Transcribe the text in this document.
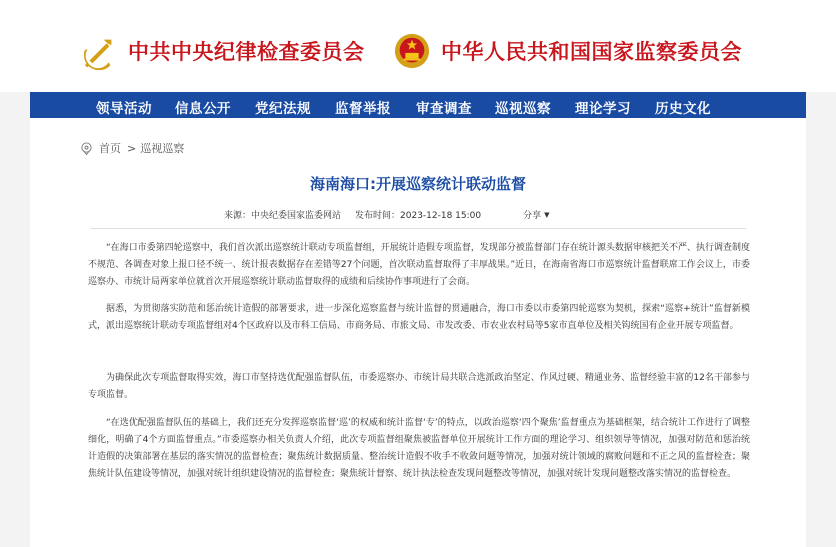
中共中央纪律检查委员会	中华人民共和国国家监察委员会
领导活动 信息公开 党纪法规 监督举报 审查调查 巡视巡察 理论学习 历史文化
首页 > 巡视巡察
海南海口:开展巡察统计联动监督
来源：中央纪委国家监委网站 发布时间：2023-12-18 15:00	分享 ▼

“在海口市委第四轮巡察中，我们首次派出巡察统计联动专项监督组，开展统计造假专项监督，发现部分被监督部门存在统计源头数据审核把关不严、执行调查制度不规范、各调查对象上报口径不统一、统计报表数据存在差错等27个问题，首次联动监督取得了丰厚战果。”近日，在海南省海口市巡察统计监督联席工作会议上，市委巡察办、市统计局两家单位就首次开展巡察统计联动监督取得的成绩和后续协作事项进行了会商。

据悉，为贯彻落实防范和惩治统计造假的部署要求，进一步深化巡察监督与统计监督的贯通融合，海口市委以市委第四轮巡察为契机，探索“巡察+统计”监督新模式，派出巡察统计联动专项监督组对4个区政府以及市科工信局、市商务局、市旅文局、市发改委、市农业农村局等5家市直单位及相关钩统国有企业开展专项监督。

为确保此次专项监督取得实效，海口市坚持选优配强监督队伍，市委巡察办、市统计局共联合选派政治坚定、作风过硬、精通业务、监督经验丰富的12名干部参与专项监督。

“在选优配强监督队伍的基础上，我们还充分发挥巡察监督‘巡’的权威和统计监督‘专’的特点，以政治巡察‘四个聚焦’监督重点为基础框架，结合统计工作进行了调整细化，明确了4个方面监督重点。”市委巡察办相关负责人介绍，此次专项监督组聚焦被监督单位开展统计工作方面的理论学习、组织领导等情况，加强对防范和惩治统计造假的决策部署在基层的落实情况的监督检查；聚焦统计数据质量、整治统计造假不收手不收敛问题等情况，加强对统计领域的腐败问题和不正之风的监督检查；聚焦统计队伍建设等情况，加强对统计组织建设情况的监督检查；聚焦统计督察、统计执法检查发现问题整改等情况，加强对统计发现问题整改落实情况的监督检查。
